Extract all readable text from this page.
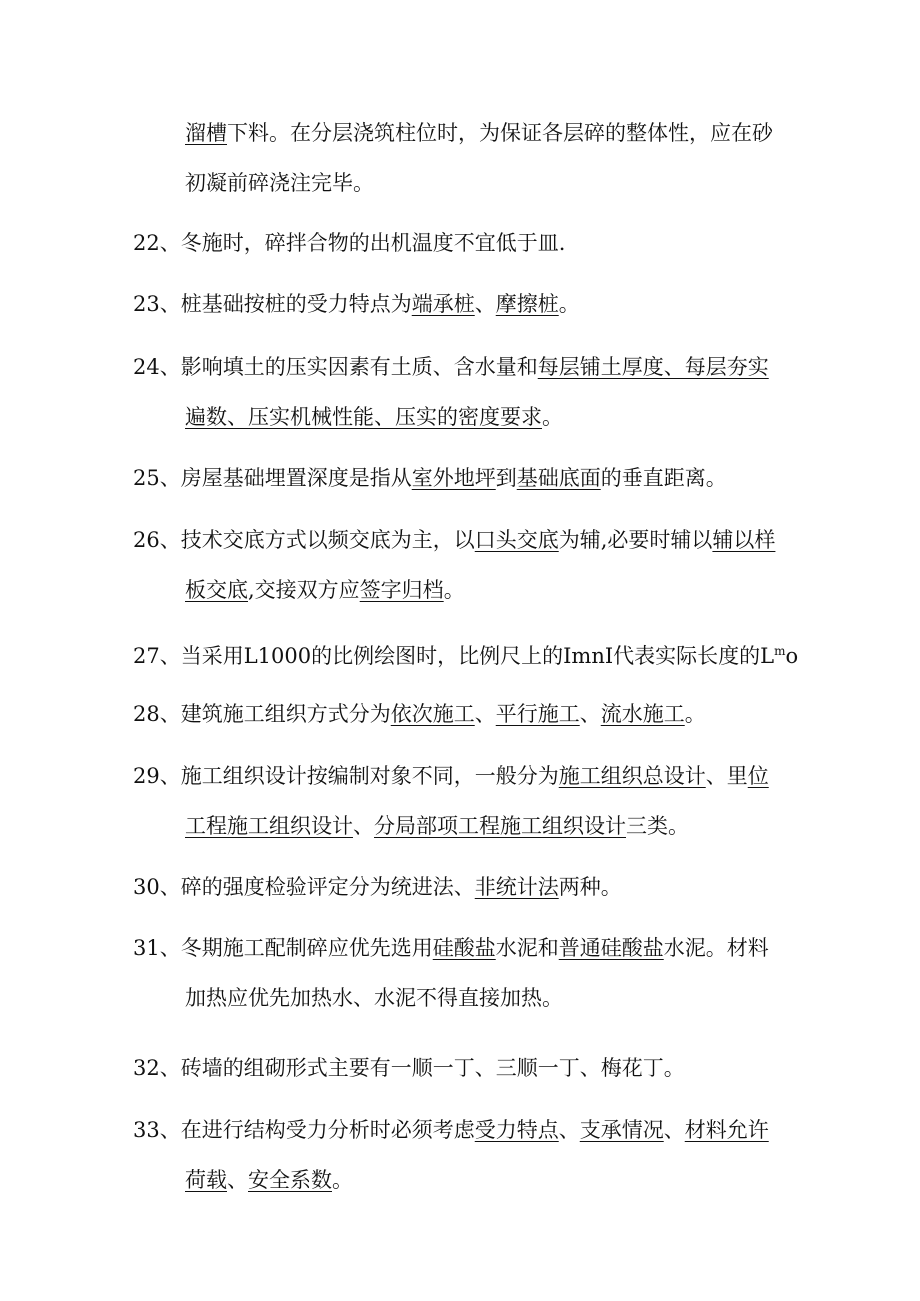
溜槽下料。在分层浇筑柱位时，为保证各层碎的整体性，应在砂
初凝前碎浇注完毕。
22、冬施时，碎拌合物的出机温度不宜低于皿.
23、桩基础按桩的受力特点为端承桩、摩擦桩。
24、影响填土的压实因素有土质、含水量和每层铺土厚度、每层夯实
遍数、压实机械性能、压实的密度要求。
25、房屋基础埋置深度是指从室外地坪到基础底面的垂直距离。
26、技术交底方式以频交底为主，以口头交底为辅,必要时辅以辅以样
板交底,交接双方应签字归档。
27、当采用L1000的比例绘图时，比例尺上的ImnI代表实际长度的$L^mo$
28、建筑施工组织方式分为依次施工、平行施工、流水施工。
29、施工组织设计按编制对象不同，一般分为施工组织总设计、里位
工程施工组织设计、分局部项工程施工组织设计三类。
30、碎的强度检验评定分为统进法、非统计法两种。
31、冬期施工配制碎应优先选用硅酸盐水泥和普通硅酸盐水泥。材料
加热应优先加热水、水泥不得直接加热。
32、砖墙的组砌形式主要有一顺一丁、三顺一丁、梅花丁。
33、在进行结构受力分析时必须考虑受力特点、支承情况、材料允许
荷载、安全系数。
